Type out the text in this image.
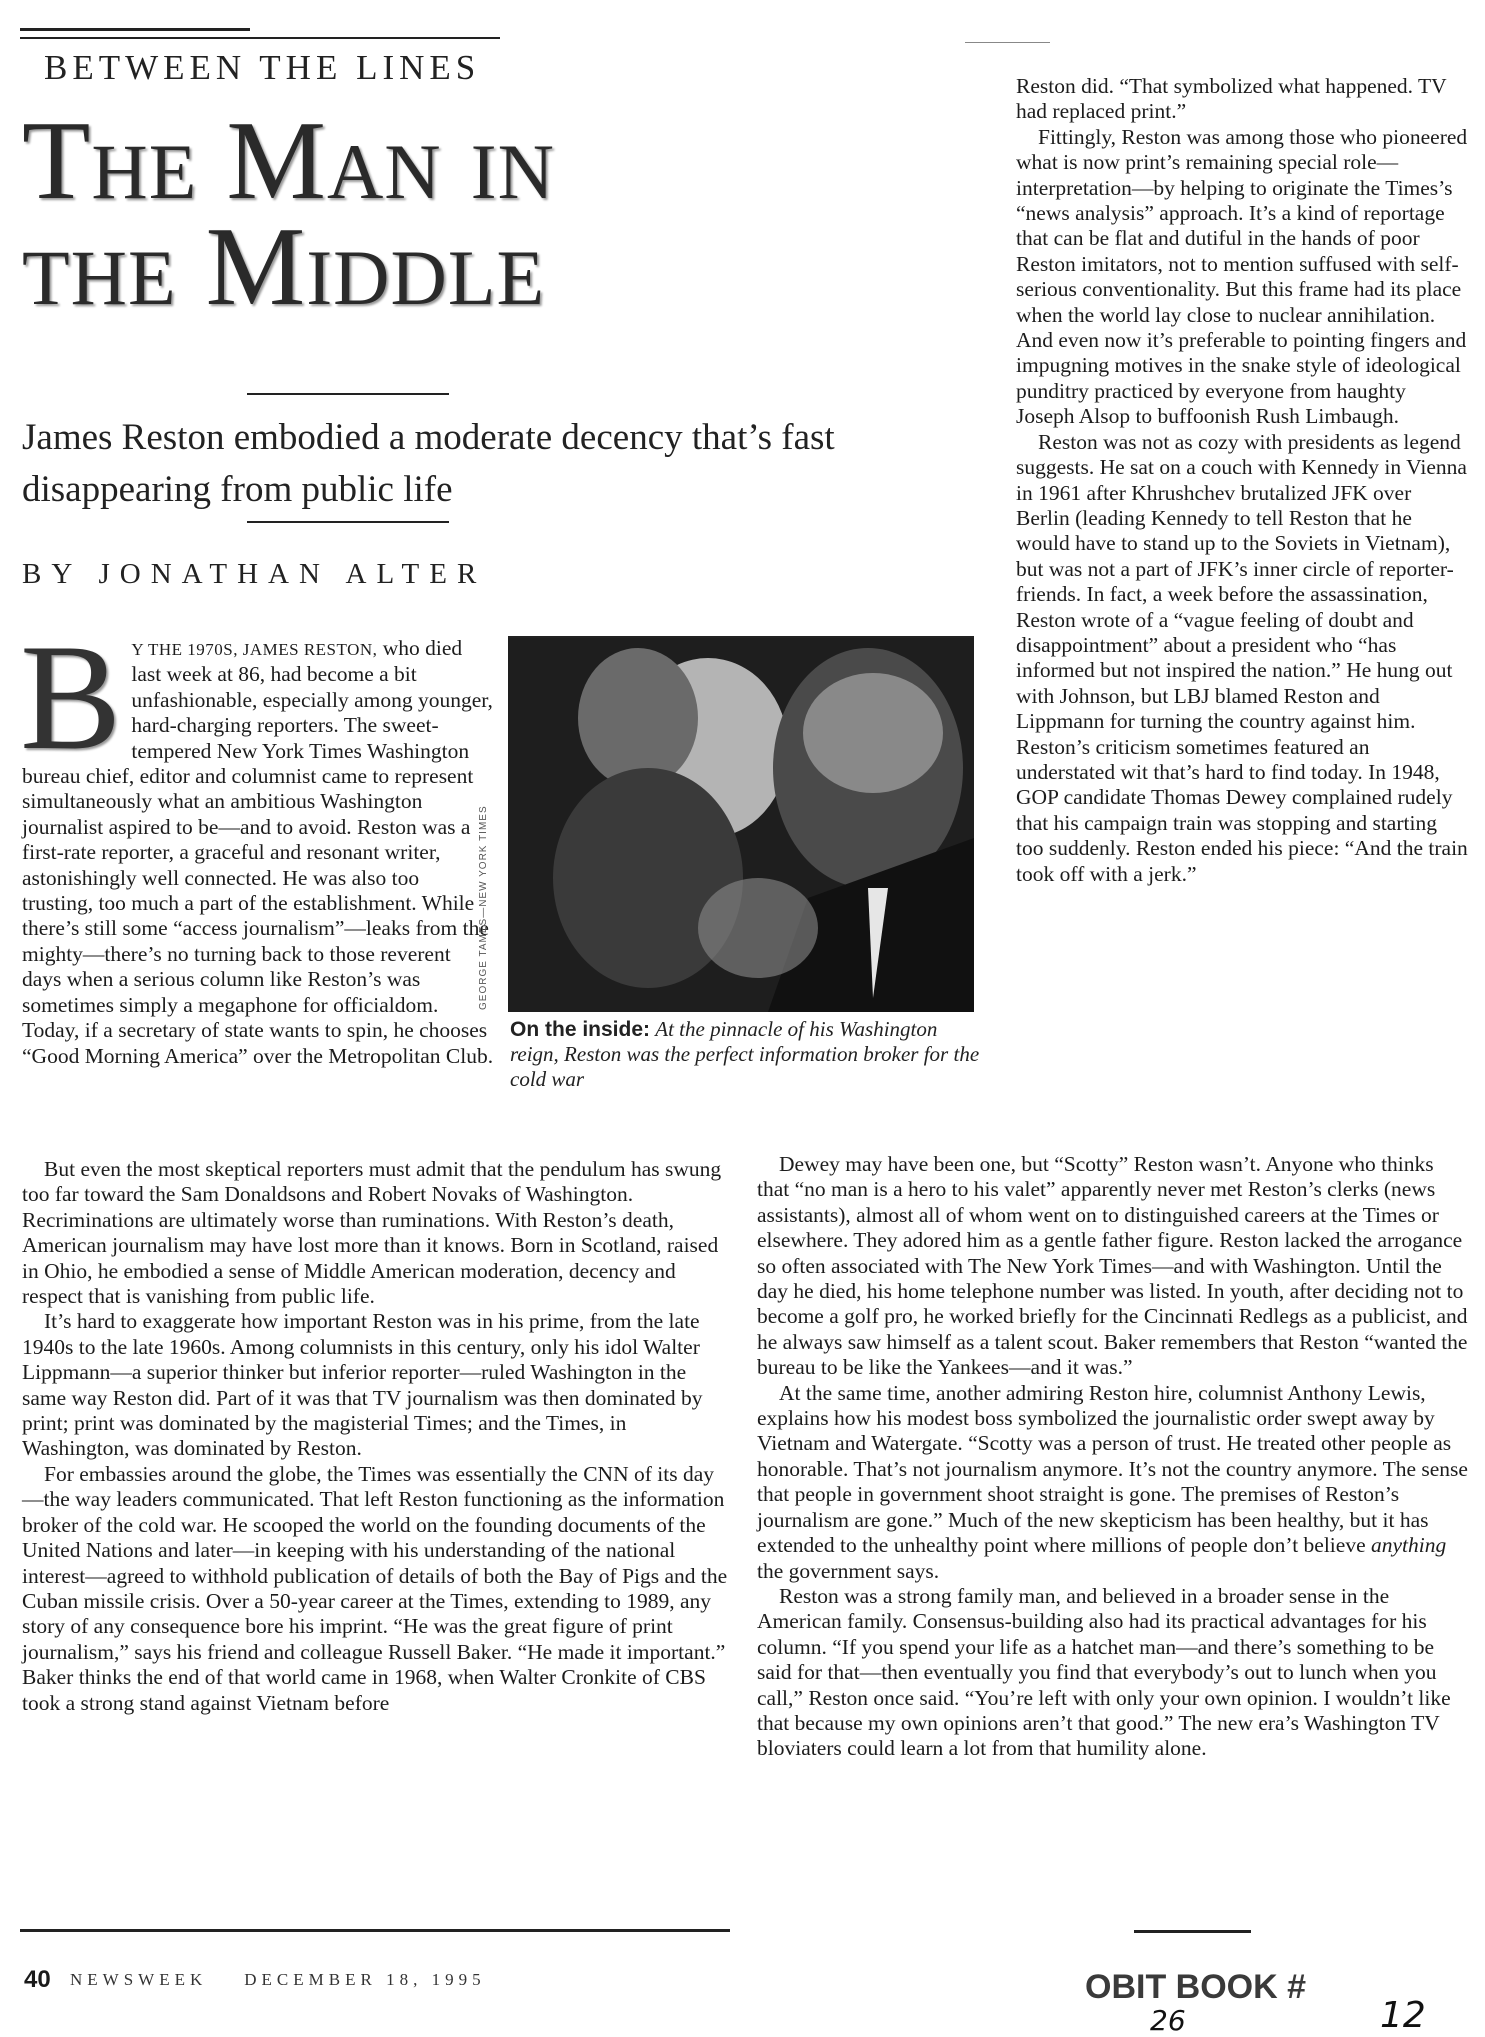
BETWEEN THE LINES
The Man in
the Middle
James Reston embodied a moderate decency that’s fast disappearing from public life
BY JONATHAN ALTER

B Y THE 1970S, JAMES RESTON, who died last week at 86, had become a bit unfashionable, especially among younger, hard-charging reporters. The sweet-tempered New York Times Washington bureau chief, editor and columnist came to represent simultaneously what an ambitious Washington journalist aspired to be—and to avoid. Reston was a first-rate reporter, a graceful and resonant writer, astonishingly well connected. He was also too trusting, too much a part of the establishment. While there’s still some “access journalism”—leaks from the mighty—there’s no turning back to those reverent days when a serious column like Reston’s was sometimes simply a megaphone for officialdom. Today, if a secretary of state wants to spin, he chooses “Good Morning America” over the Metropolitan Club.

But even the most skeptical reporters must admit that the pendulum has swung too far toward the Sam Donaldsons and Robert Novaks of Washington. Recriminations are ultimately worse than ruminations. With Reston’s death, American journalism may have lost more than it knows. Born in Scotland, raised in Ohio, he embodied a sense of Middle American moderation, decency and respect that is vanishing from public life.

It’s hard to exaggerate how important Reston was in his prime, from the late 1940s to the late 1960s. Among columnists in this century, only his idol Walter Lippmann—a superior thinker but inferior reporter—ruled Washington in the same way Reston did. Part of it was that TV journalism was then dominated by print; print was dominated by the magisterial Times; and the Times, in Washington, was dominated by Reston.

For embassies around the globe, the Times was essentially the CNN of its day—the way leaders communicated. That left Reston functioning as the information broker of the cold war. He scooped the world on the founding documents of the United Nations and later—in keeping with his understanding of the national interest—agreed to withhold publication of details of both the Bay of Pigs and the Cuban missile crisis. Over a 50-year career at the Times, extending to 1989, any story of any consequence bore his imprint. “He was the great figure of print journalism,” says his friend and colleague Russell Baker. “He made it important.” Baker thinks the end of that world came in 1968, when Walter Cronkite of CBS took a strong stand against Vietnam before

GEORGE TAMES—NEW YORK TIMES
On the inside: At the pinnacle of his Washington reign, Reston was the perfect information broker for the cold war

Reston did. “That symbolized what happened. TV had replaced print.”

Fittingly, Reston was among those who pioneered what is now print’s remaining special role—interpretation—by helping to originate the Times’s “news analysis” approach. It’s a kind of reportage that can be flat and dutiful in the hands of poor Reston imitators, not to mention suffused with self-serious conventionality. But this frame had its place when the world lay close to nuclear annihilation. And even now it’s preferable to pointing fingers and impugning motives in the snake style of ideological punditry practiced by everyone from haughty Joseph Alsop to buffoonish Rush Limbaugh.

Reston was not as cozy with presidents as legend suggests. He sat on a couch with Kennedy in Vienna in 1961 after Khrushchev brutalized JFK over Berlin (leading Kennedy to tell Reston that he would have to stand up to the Soviets in Vietnam), but was not a part of JFK’s inner circle of reporter-friends. In fact, a week before the assassination, Reston wrote of a “vague feeling of doubt and disappointment” about a president who “has informed but not inspired the nation.” He hung out with Johnson, but LBJ blamed Reston and Lippmann for turning the country against him. Reston’s criticism sometimes featured an understated wit that’s hard to find today. In 1948, GOP candidate Thomas Dewey complained rudely that his campaign train was stopping and starting too suddenly. Reston ended his piece: “And the train took off with a jerk.”

Dewey may have been one, but “Scotty” Reston wasn’t. Anyone who thinks that “no man is a hero to his valet” apparently never met Reston’s clerks (news assistants), almost all of whom went on to distinguished careers at the Times or elsewhere. They adored him as a gentle father figure. Reston lacked the arrogance so often associated with The New York Times—and with Washington. Until the day he died, his home telephone number was listed. In youth, after deciding not to become a golf pro, he worked briefly for the Cincinnati Redlegs as a publicist, and he always saw himself as a talent scout. Baker remembers that Reston “wanted the bureau to be like the Yankees—and it was.”

At the same time, another admiring Reston hire, columnist Anthony Lewis, explains how his modest boss symbolized the journalistic order swept away by Vietnam and Watergate. “Scotty was a person of trust. He treated other people as honorable. That’s not journalism anymore. It’s not the country anymore. The sense that people in government shoot straight is gone. The premises of Reston’s journalism are gone.” Much of the new skepticism has been healthy, but it has extended to the unhealthy point where millions of people don’t believe anything the government says.

Reston was a strong family man, and believed in a broader sense in the American family. Consensus-building also had its practical advantages for his column. “If you spend your life as a hatchet man—and there’s something to be said for that—then eventually you find that everybody’s out to lunch when you call,” Reston once said. “You’re left with only your own opinion. I wouldn’t like that because my own opinions aren’t that good.” The new era’s Washington TV bloviaters could learn a lot from that humility alone.

40 NEWSWEEK DECEMBER 18, 1995	OBIT BOOK #
26	12
